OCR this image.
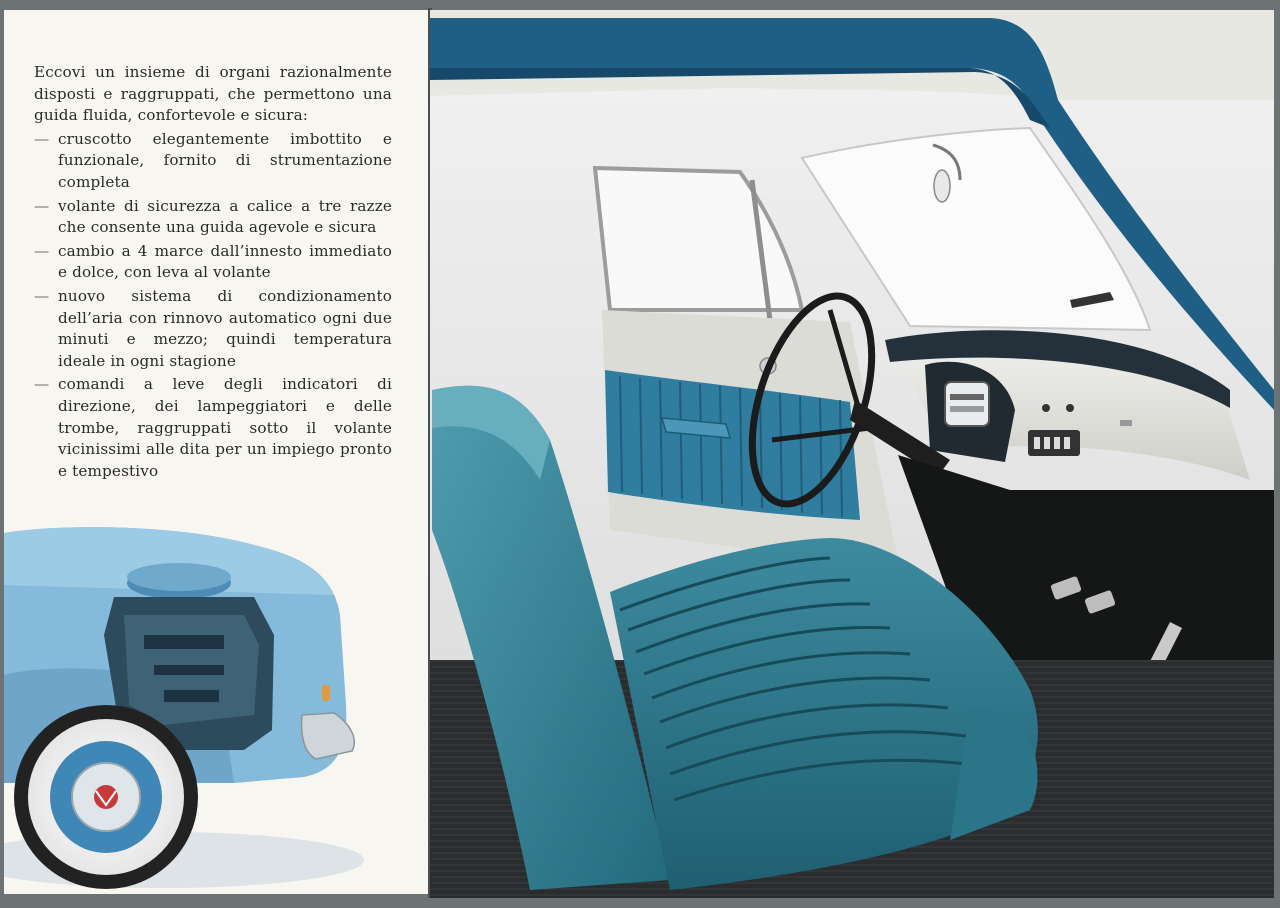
Eccovi un insieme di organi razionalmente disposti e raggruppati, che permettono una guida fluida, confortevole e sicura:

— cruscotto elegantemente imbottito e funzionale, fornito di strumentazione completa
— volante di sicurezza a calice a tre razze che consente una guida agevole e sicura
— cambio a 4 marce dall’innesto immediato e dolce, con leva al volante
— nuovo sistema di condizionamento dell’aria con rinnovo automatico ogni due minuti e mezzo; quindi temperatura ideale in ogni stagione
— comandi a leve degli indicatori di direzione, dei lampeggiatori e delle trombe, raggruppati sotto il volante vicinissimi alle dita per un impiego pronto e tempestivo
